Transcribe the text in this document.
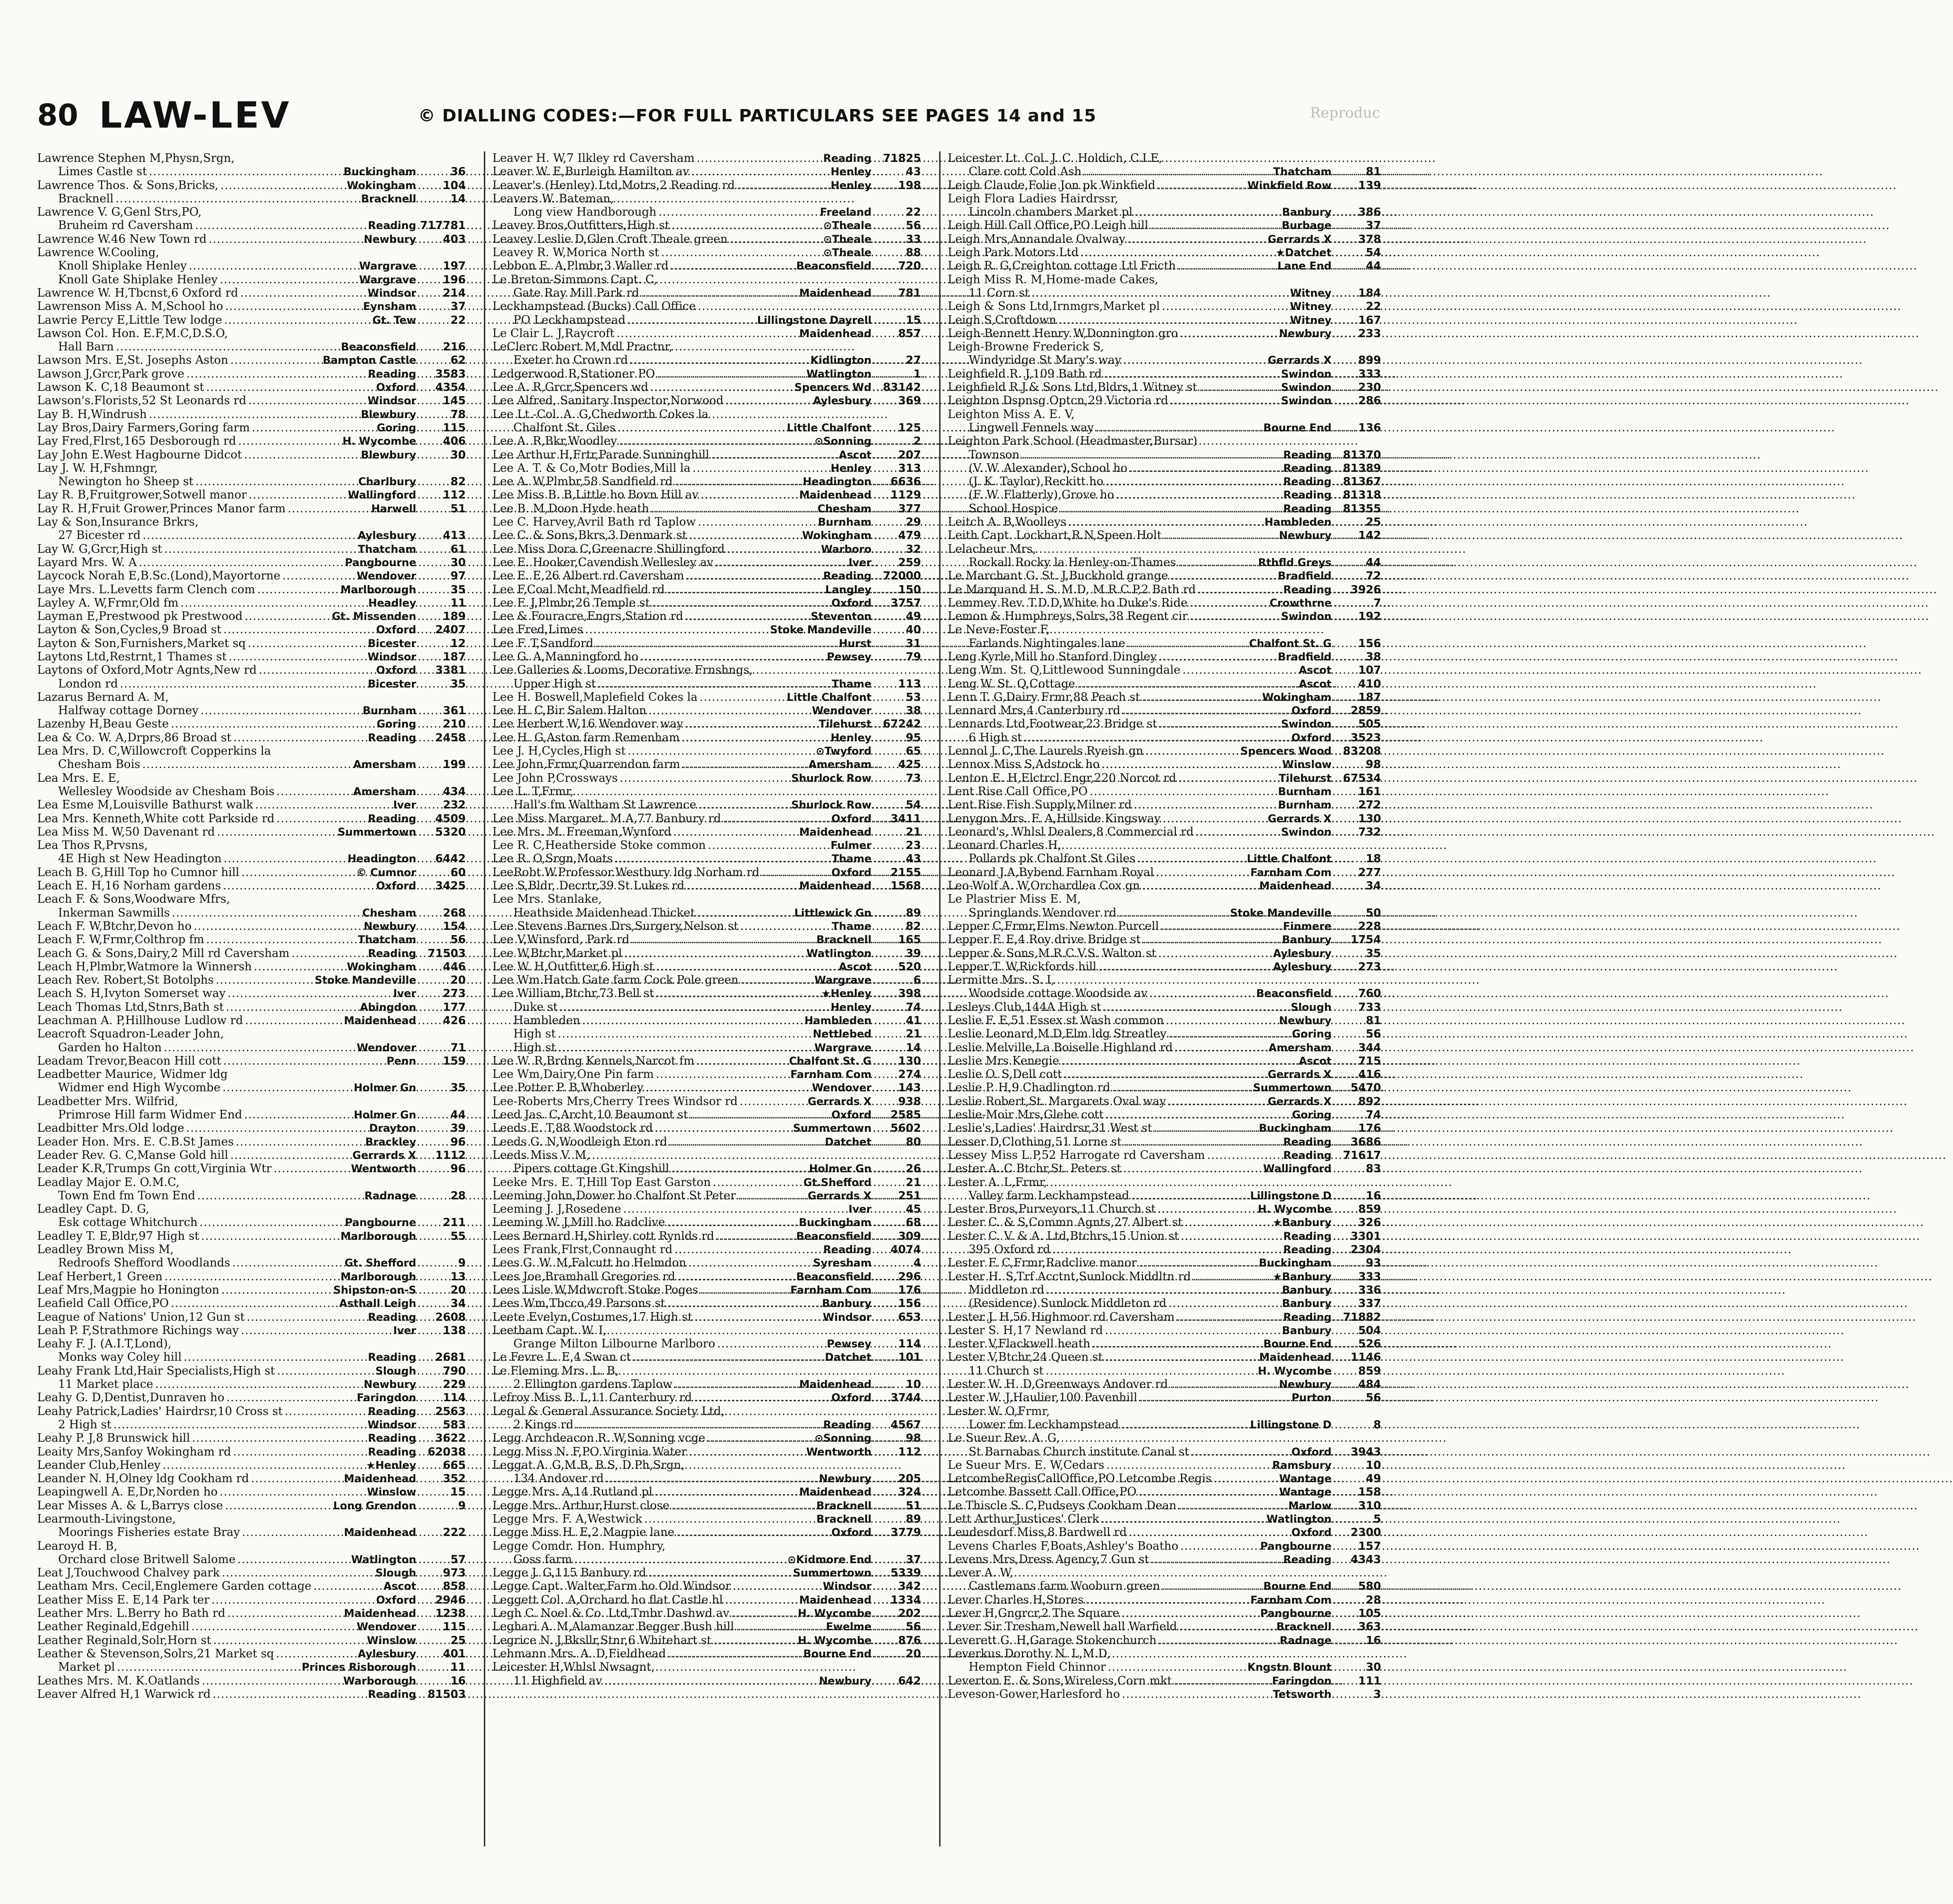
80 LAW-LEV	© DIALLING CODES:—FOR FULL PARTICULARS SEE PAGES 14 and 15	Reproduc
Lawrence Stephen M,Physn,Srgn,
Limes Castle st .....	Buckingham	36
Lawrence Thos. & Sons,Bricks, .....	Wokingham	104
Bracknell .....	Bracknell	14
Lawrence V. G,Genl Strs,PO,
Bruheim rd Caversham .....	Reading 717781
Lawrence W.46 New Town rd .....	Newbury	403
Lawrence W.Cooling,
Knoll Shiplake Henley .....	Wargrave	197
Knoll Gate Shiplake Henley .....	Wargrave	196
Lawrence W. H,Tbcnst,6 Oxford rd .....	Windsor	214
Lawrenson Miss A. M,School ho .....	Eynsham	37
Lawrie Percy E,Little Tew lodge .....	Gt. Tew	22
Lawson Col. Hon. E.F,M.C,D.S.O,
Hall Barn .....	Beaconsfield	216
Lawson Mrs. E,St. Josephs Aston .....	Bampton Castle	62
Lawson J,Grcr,Park grove .....	Reading	3583
Lawson K. C,18 Beaumont st .....	Oxford	4354
Lawson's.Florists,52 St Leonards rd .....	Windsor	145
Lay B. H,Windrush .....	Blewbury	78
Lay Bros,Dairy Farmers,Goring farm .....	Goring	115
Lay Fred,Flrst,165 Desborough rd .....	H. Wycombe	406
Lay John E.West Hagbourne Didcot .....	Blewbury	30
Lay J. W. H,Fshmngr,
Newington ho Sheep st .....	Charlbury	82
Lay R. B,Fruitgrower,Sotwell manor .....	Wallingford	112
Lay R. H,Fruit Grower,Princes Manor farm .....	Harwell	51
Lay & Son,Insurance Brkrs,
27 Bicester rd .....	Aylesbury	413
Lay W. G,Grcr,High st .....	Thatcham	61
Layard Mrs. W. A .....	Pangbourne	30
Laycock Norah E,B.Sc.(Lond),Mayortorne .....	Wendover	97
Laye Mrs. L.Levetts farm Clench com .....	Marlborough	35
Layley A. W,Frmr,Old fm .....	Headley	11
Layman E,Prestwood pk Prestwood .....	Gt. Missenden	189
Layton & Son,Cycles,9 Broad st .....	Oxford	2407
Layton & Son,Furnishers,Market sq .....	Bicester	12
Laytons Ltd,Restrnt,1 Thames st .....	Windsor	187
Laytons of Oxford,Motr Agnts,New rd .....	Oxford	3381
London rd .....	Bicester	35
Lazarus Bernard A. M,
Halfway cottage Dorney .....	Burnham	361
Lazenby H,Beau Geste .....	Goring	210
Lea & Co. W. A,Drprs,86 Broad st .....	Reading	2458
Lea Mrs. D. C,Willowcroft Copperkins la
Chesham Bois .....	Amersham	199
Lea Mrs. E. E,
Wellesley Woodside av Chesham Bois .....	Amersham	434
Lea Esme M,Louisville Bathurst walk .....	Iver	232
Lea Mrs. Kenneth,White cott Parkside rd .....	Reading	4509
Lea Miss M. W,50 Davenant rd .....	Summertown	5320
Lea Thos R,Prvsns,
4E High st New Headington .....	Headington	6442
Leach B. G,Hill Top ho Cumnor hill .....	© Cumnor	60
Leach E. H,16 Norham gardens .....	Oxford	3425
Leach F. & Sons,Woodware Mfrs,
Inkerman Sawmills .....	Chesham	268
Leach F. W,Btchr,Devon ho .....	Newbury	154
Leach F. W,Frmr,Colthrop fm .....	Thatcham	56
Leach G. & Sons,Dairy,2 Mill rd Caversham .....	Reading	71503
Leach H,Plmbr,Watmore la Winnersh .....	Wokingham	446
Leach Rev. Robert,St Botolphs .....	Stoke Mandeville	20
Leach S. H,Ivyton Somerset way .....	Iver	273
Leach Thomas Ltd,Stnrs,Bath st .....	Abingdon	177
Leachman A. P,Hillhouse Ludlow rd .....	Maidenhead	426
Leacroft Squadron-Leader John,
Garden ho Halton .....	Wendover	71
Leadam Trevor,Beacon Hill cott .....	Penn	159
Leadbetter Maurice, Widmer ldg
Widmer end High Wycombe .....	Holmer Gn	35
Leadbetter Mrs. Wilfrid,
Primrose Hill farm Widmer End .....	Holmer Gn	44
Leadbitter Mrs.Old lodge .....	Drayton	39
Leader Hon. Mrs. E. C.B.St James .....	Brackley	96
Leader Rev. G. C,Manse Gold hill .....	Gerrards X	1112
Leader K.R,Trumps Gn cott,Virginia Wtr .....	Wentworth	96
Leadlay Major E. O.M.C,
Town End fm Town End .....	Radnage	28
Leadley Capt. D. G,
Esk cottage Whitchurch .....	Pangbourne	211
Leadley T. E,Bldr,97 High st .....	Marlborough	55
Leadley Brown Miss M,
Redroofs Shefford Woodlands .....	Gt. Shefford	9
Leaf Herbert,1 Green .....	Marlborough	13
Leaf Mrs,Magpie ho Honington .....	Shipston-on-S	20
Leafield Call Office,PO .....	Asthall Leigh	34
League of Nations' Union,12 Gun st .....	Reading	2608
Leah P. F,Strathmore Richings way .....	Iver	138
Leahy F. J. (A.I.T,Lond),
Monks way Coley hill .....	Reading	2681
Leahy Frank Ltd,Hair Specialists,High st .....	Slough	790
11 Market place .....	Newbury	229
Leahy G. D,Dentist,Dunraven ho .....	Faringdon	114
Leahy Patrick,Ladies' Hairdrsr,10 Cross st .....	Reading	2563
2 High st .....	Windsor	583
Leahy P. J,8 Brunswick hill .....	Reading	3622
Leaity Mrs,Sanfoy Wokingham rd .....	Reading	62038
Leander Club,Henley .....	★Henley	665
Leander N. H,Olney ldg Cookham rd .....	Maidenhead	352
Leapingwell A. E,Dr,Norden ho .....	Winslow	15
Lear Misses A. & L,Barrys close .....	Long Grendon	9
Learmouth-Livingstone,
Moorings Fisheries estate Bray .....	Maidenhead	222
Learoyd H. B,
Orchard close Britwell Salome .....	Watlington	57
Leat J,Touchwood Chalvey park .....	Slough	973
Leatham Mrs. Cecil,Englemere Garden cottage .....	Ascot	858
Leather Miss E. E,14 Park ter .....	Oxford	2946
Leather Mrs. L.Berry ho Bath rd .....	Maidenhead	1238
Leather Reginald,Edgehill .....	Wendover	115
Leather Reginald,Solr,Horn st .....	Winslow	25
Leather & Stevenson,Solrs,21 Market sq .....	Aylesbury	401
Market pl .....	Princes Risborough	11
Leathes Mrs. M. K.Oatlands .....	Warborough	16
Leaver Alfred H,1 Warwick rd .....	Reading	81503
Leaver H. W,7 Ilkley rd Caversham .....	Reading	71825
Leaver W. E,Burleigh Hamilton av .....	Henley	43
Leaver's (Henley) Ltd,Motrs,2 Reading rd .....	Henley	198
Leavers W. Bateman,
Long view Handborough .....	Freeland	22
Leavey Bros,Outfitters,High st .....	⊙Theale	56
Leavey Leslie D,Glen Croft Theale green .....	⊙Theale	33
Leavey R. W,Morica North st .....	⊙Theale	88
Lebbon E. A,Plmbr,3 Waller rd .....	Beaconsfield	720
Le Breton-Simmons Capt. C,
Gate Ray Mill Park rd .....	Maidenhead	781
Leckhampstead (Bucks) Call Office
PO Leckhampstead .....	Lillingstone Dayrell	15
Le Clair L. J,Raycroft .....	Maidenhead	857
LeClerc Robert M,Mdl Practnr,
Exeter ho Crown rd .....	Kidlington	27
Ledgerwood R,Stationer PO .....	Watlington	1
Lee A. R,Grcr,Spencers wd .....	Spencers Wd	83142
Lee Alfred, Sanitary Inspector,Norwood .....	Aylesbury	369
Lee Lt.-Col. A. G,Chedworth Cokes la
Chalfont St. Giles .....	Little Chalfont	125
Lee A. R,Bkr,Woodley .....	⊙Sonning	2
Lee Arthur H,Frtr,Parade Sunninghill .....	Ascot	207
Lee A. T. & Co,Motr Bodies,Mill la .....	Henley	313
Lee A. W,Plmbr,58 Sandfield rd .....	Headington	6636
Lee Miss B. B,Little ho Bovn Hill av .....	Maidenhead	1129
Lee B. M,Doon Hyde heath .....	Chesham	377
Lee C. Harvey,Avril Bath rd Taplow .....	Burnham	29
Lee C. & Sons,Bkrs,3 Denmark st .....	Wokingham	479
Lee Miss Dora C,Greenacre Shillingford .....	Warboro	32
Lee E. Hooker,Cavendish Wellesley av .....	Iver	259
Lee E. E,26 Albert rd Caversham .....	Reading	72000
Lee F,Coal Mcht,Meadfield rd .....	Langley	150
Lee F. J,Plmbr,26 Temple st .....	Oxford	3757
Lee & Fouracre,Engrs,Station rd .....	Steventon	49
Lee Fred,Limes .....	Stoke Mandeville	40
Lee F. T,Sandford .....	Hurst	31
Lee G. A,Manningford ho .....	Pewsey	79
Lee Galleries & Looms,Decorative Frnshngs,
Upper High st .....	Thame	113
Lee H. Boswell,Maplefield Cokes la .....	Little Chalfont	53
Lee H. C,Bir Salem Halton .....	Wendover	38
Lee Herbert W,16 Wendover way .....	Tilehurst	67242
Lee H. G,Aston farm Remenham .....	Henley	95
Lee J. H,Cycles,High st .....	⊙Twyford	65
Lee John,Frmr,Quarrendon farm .....	Amersham	425
Lee John P,Crossways .....	Shurlock Row	73
Lee L. T,Frmr,
Hall's fm Waltham St Lawrence .....	Shurlock Row	54
Lee Miss Margaret. M.A,77 Banbury rd .....	Oxford	3411
Lee Mrs. M. Freeman,Wynford .....	Maidenhead	21
Lee R. C,Heatherside Stoke common .....	Fulmer	23
Lee R. O,Srgn,Moats .....	Thame	43
LeeRobt.W.Professor.Westbury ldg Norham rd .....	Oxford	2155
Lee S,Bldr, Decrtr,39 St Lukes rd .....	Maidenhead	1568
Lee Mrs. Stanlake,
Heathside Maidenhead Thicket .....	Littlewick Gn	89
Lee Stevens Barnes Drs,Surgery,Nelson st .....	Thame	82
Lee V,Winsford, Park rd .....	Bracknell	165
Lee W,Btchr,Market pl .....	Watlington	39
Lee W. H,Outfitter,6 High st .....	Ascot	520
Lee Wm.Hatch Gate farm Cock Pole green .....	Wargrave	6
Lee William,Btchr,73 Bell st .....	★Henley	398
Duke st .....	Henley	74
Hambleden .....	Hambleden	41
High st .....	Nettlebed	21
High st .....	Wargrave	14
Lee W. R,Brdng Kennels,Narcot fm .....	Chalfont St. G	130
Lee Wm,Dairy,One Pin farm .....	Farnham Com	274
Lee Potter P. B,Whoberley .....	Wendover	143
Lee-Roberts Mrs,Cherry Trees Windsor rd .....	Gerrards X	938
Leed Jas. C,Archt,10 Beaumont st .....	Oxford	2585
Leeds E. T,88 Woodstock rd .....	Summertown	5602
Leeds G. N,Woodleigh Eton rd .....	Datchet	80
Leeds Miss V. M,
Pipers cottage Gt Kingshill .....	Holmer Gn	26
Leeke Mrs. E. T,Hill Top East Garston .....	Gt.Shefford	21
Leeming John,Dower ho Chalfont St Peter .....	Gerrards X	251
Leeming J. J,Rosedene .....	Iver	45
Leeming W. J,Mill ho Radclive .....	Buckingham	68
Lees Bernard H,Shirley cott Rynlds rd .....	Beaconsfield	309
Lees Frank,Flrst,Connaught rd .....	Reading	4074
Lees G. W. M,Falcutt ho Helmdon .....	Syresham	4
Lees Joe,Bramhall Gregories rd .....	Beaconsfield	296
Lees Lisle W,Mdwcroft Stoke Poges .....	Farnham Com	176
Lees Wm,Tbcco,49 Parsons st .....	Banbury	156
Leete Evelyn,Costumes,17 High st .....	Windsor	653
Leetham Capt. W. I,
Grange Milton Lilbourne Marlboro .....	Pewsey	114
Le Fevre L. E,4 Swan ct .....	Datchet	101
Le Fleming Mrs. L. B,
2 Ellington gardens Taplow .....	Maidenhead	10
Lefroy Miss B. L,11 Canterbury rd .....	Oxford	3744
Legal & General Assurance Society Ltd,
2 Kings rd .....	Reading	4567
Legg Archdeacon R. W,Sonning vcge .....	⊙Sonning	98
Legg Miss N. F,PO Virginia Water .....	Wentworth	112
Leggat A. G,M.B, B.S, D.Ph,Srgn,
134 Andover rd .....	Newbury	205
Legge Mrs. A,14 Rutland pl .....	Maidenhead	324
Legge Mrs. Arthur,Hurst close .....	Bracknell	51
Legge Mrs. F. A,Westwick .....	Bracknell	89
Legge Miss H. E,2 Magpie lane .....	Oxford	3779
Legge Comdr. Hon. Humphry,
Goss farm .....	⊙Kidmore End	37
Legge J. G,115 Banbury rd .....	Summertown	5339
Legge Capt. Walter,Farm ho Old Windsor .....	Windsor	342
Leggett Col. A,Orchard ho flat Castle hl .....	Maidenhead	1334
Legh C. Noel & Co. Ltd,Tmbr Dashwd av .....	H. Wycombe	202
Leghari A. M,Alamanzar Begger Bush hill .....	Ewelme	56
Legrice N. J,Bksllr,Stnr,6 Whitehart st .....	H. Wycombe	876
Lehmann Mrs. A. D,Fieldhead .....	Bourne End	20
Leicester H,Whlsl Nwsagnt,
11 Highfield av .....	Newbury	642
Leicester Lt. Col. J. C. Holdich, C.I.E,
Clare cott Cold Ash .....	Thatcham	81
Leigh Claude,Folie Jon pk Winkfield .....	Winkfield Row	139
Leigh Flora Ladies Hairdrssr,
Lincoln chambers Market pl .....	Banbury	386
Leigh Hill Call Office,PO Leigh hill .....	Burbage	37
Leigh Mrs,Annandale Ovalway .....	Gerrards X	378
Leigh Park Motors Ltd .....	★Datchet	54
Leigh R. G,Creighton cottage Ltl Fricth .....	Lane End	44
Leigh Miss R. M,Home-made Cakes,
11 Corn st .....	Witney	184
Leigh & Sons Ltd,Irnmgrs,Market pl .....	Witney	22
Leigh S,Croftdown .....	Witney	167
Leigh-Bennett Henry W,Donnington gro .....	Newbury	233
Leigh-Browne Frederick S,
Windyridge St Mary's way .....	Gerrards X	899
Leighfield R. J,109 Bath rd .....	Swindon	333
Leighfield R.J.& Sons Ltd,Bldrs,1 Witney st .....	Swindon	230
Leighton Dspnsg Optcn,29 Victoria rd .....	Swindon	286
Leighton Miss A. E. V,
Lingwell Fennels way .....	Bourne End	136
Leighton Park School (Headmaster,Bursar)
Townson .....	Reading	81370
(V. W. Alexander),School ho .....	Reading	81389
(J. K. Taylor),Reckitt ho .....	Reading	81367
(F. W. Flatterly),Grove ho .....	Reading	81318
School Hospice .....	Reading	81355
Leitch A. B,Woolleys .....	Hambleden	25
Leith Capt. Lockhart,R.N,Speen Holt .....	Newbury	142
Lelacheur Mrs,
Rockall Rocky la Henley-on-Thames .....	Rthfld Greys	44
Le Marchant G. St. J,Buckhold grange .....	Bradfield	72
Le Marquand H. S. M.D, M.R.C.P,2 Bath rd .....	Reading	3926
Lemmey Rev. T.D.D,White ho Duke's Ride .....	Crowthrne	7
Lemon & Humphreys,Solrs,38 Regent cir .....	Swindon	192
Le Neve-Foster F,
Farlands Nightingales lane .....	Chalfont St. G	156
Leng Kyrle,Mill ho Stanford Dingley .....	Bradfield	38
Leng Wm. St. Q,Littlewood Sunningdale .....	Ascot	107
Leng W. St. Q,Cottage .....	Ascot	410
Lenn T. G,Dairy Frmr,88 Peach st .....	Wokingham	187
Lennard Mrs,4 Canterbury rd .....	Oxford	2859
Lennards Ltd,Footwear,23 Bridge st .....	Swindon	505
6 High st .....	Oxford	3523
Lennol J. C,The Laurels Ryeish gn .....	Spencers Wood	83208
Lennox Miss S,Adstock ho .....	Winslow	98
Lenton E. H,Elctrcl Engr,220 Norcot rd .....	Tilehurst	67534
Lent Rise Call Office,PO .....	Burnham	161
Lent Rise Fish Supply,Milner rd .....	Burnham	272
Lenygon Mrs. F. A,Hillside Kingsway .....	Gerrards X	130
Leonard's, Whlsl Dealers,8 Commercial rd .....	Swindon	732
Leonard Charles H,
Pollards pk Chalfont St Giles .....	Little Chalfont	18
Leonard J.A,Bybend Farnham Royal .....	Farnham Com	277
Leo-Wolf A. W,Orchardlea Cox gn .....	Maidenhead	34
Le Plastrier Miss E. M,
Springlands Wendover rd .....	Stoke Mandeville	50
Lepper C,Frmr,Elms Newton Purcell .....	Finmere	228
Lepper F. E,4 Roy drive Bridge st .....	Banbury	1754
Lepper & Sons,M.R.C.V.S. Walton st .....	Aylesbury	35
Lepper T. W,Rickfords hill .....	Aylesbury	273
Lermitte Mrs. S. I,
Woodside cottage Woodside av .....	Beaconsfield	760
Lesleys Club,144A High st .....	Slough	733
Leslie F. E,51 Essex st Wash common .....	Newbury	81
Leslie Leonard,M.D,Elm ldg Streatley .....	Goring	56
Leslie Melville,La Boiselle Highland rd .....	Amersham	344
Leslie Mrs.Kenegie .....	Ascot	715
Leslie O. S,Dell cott .....	Gerrards X	416
Leslie P. H,9 Chadlington rd .....	Summertown	5470
Leslie Robert,St. Margarets Oval way .....	Gerrards X	892
Leslie-Moir Mrs,Glebe cott .....	Goring	74
Leslie's,Ladies' Hairdrsr,31 West st .....	Buckingham	176
Lesser D,Clothing,51 Lorne st .....	Reading	3686
Lessey Miss L.P,52 Harrogate rd Caversham .....	Reading	71617
Lester A. C Btchr,St. Peters st .....	Wallingford	83
Lester A. L,Frmr,
Valley farm Leckhampstead .....	Lillingstone D	16
Lester Bros,Purveyors,11 Church st .....	H. Wycombe	859
Lester C. & S,Commn Agnts,27 Albert st .....	★Banbury	326
Lester C. V. & A. Ltd,Btchrs,15 Union st .....	Reading	3301
395 Oxford rd .....	Reading	2304
Lester F. C,Frmr,Radclive manor .....	Buckingham	93
Lester H. S,Trf Acctnt,Sunlock Middltn rd .....	★Banbury	333
Middleton rd .....	Banbury	336
(Residence) Sunlock Middleton rd .....	Banbury	337
Lester J. H,56 Highmoor rd Caversham .....	Reading	71882
Lester S. H,17 Newland rd .....	Banbury	504
Lester V,Flackwell heath .....	Bourne End	526
Lester V,Btchr,24 Queen st .....	Maidenhead	1146
11 Church st .....	H. Wycombe	859
Lester W. H. D,Greenways Andover rd .....	Newbury	484
Lester W. J,Haulier,100 Pavenhill .....	Purton	56
Lester W. O,Frmr,
Lower fm Leckhampstead .....	Lillingstone D	8
Le Sueur Rev. A. G,
St Barnabas Church institute Canal st .....	Oxford	3943
Le Sueur Mrs. E. W,Cedars .....	Ramsbury	10
LetcombeRegisCallOffice,PO Letcombe Regis .....	Wantage	49
Letcombe Bassett Call Office,PO .....	Wantage	158
Le Thiscle S. C,Pudseys Cookham Dean .....	Marlow	310
Lett Arthur,Justices' Clerk .....	Watlington	5
Leudesdorf Miss,8 Bardwell rd .....	Oxford	2300
Levens Charles F,Boats,Ashley's Boatho .....	Pangbourne	157
Levens Mrs,Dress Agency,7 Gun st .....	Reading	4343
Lever A. W,
Castlemans farm Wooburn green .....	Bourne End	580
Lever Charles H,Stores .....	Farnham Com	28
Lever H,Gngrcr,2 The Square .....	Pangbourne	105
Lever Sir Tresham,Newell hall Warfield .....	Bracknell	363
Leverett G. H,Garage Stokenchurch .....	Radnage	16
Leverkus Dorothy N. L,M.D,
Hempton Field Chinnor .....	Kngstn Blount	30
Leverton E. & Sons,Wireless,Corn mkt .....	Faringdon	111
Leveson-Gower,Harlesford ho .....	Tetsworth	3
